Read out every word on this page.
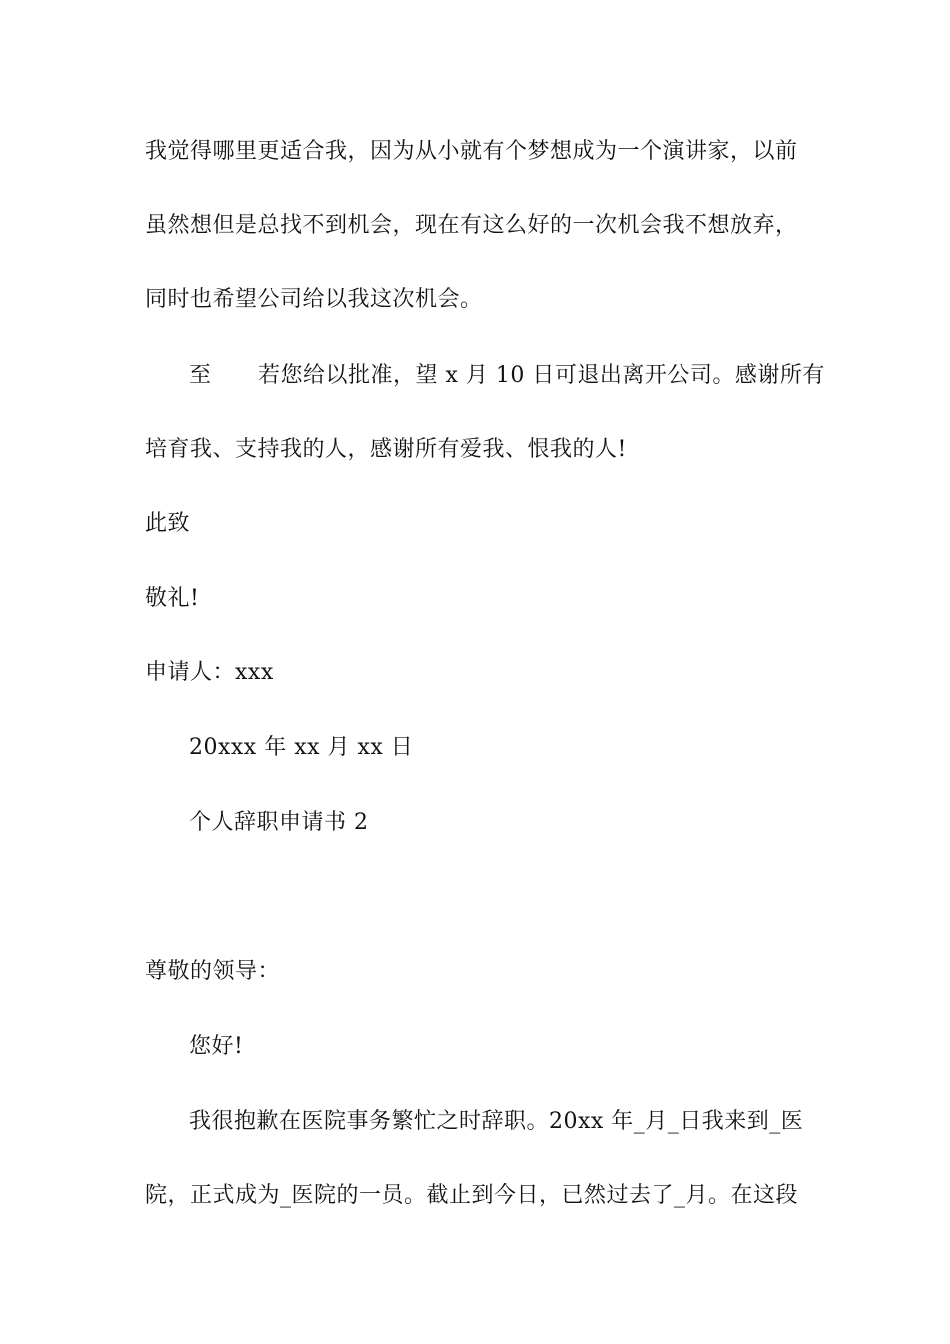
我觉得哪里更适合我，因为从小就有个梦想成为一个演讲家，以前
虽然想但是总找不到机会，现在有这么好的一次机会我不想放弃，
同时也希望公司给以我这次机会。
至 若您给以批准，望 x 月 10 日可退出离开公司。感谢所有
培育我、支持我的人，感谢所有爱我、恨我的人!
此致
敬礼!
申请人：xxx
20xxx 年 xx 月 xx 日
个人辞职申请书 2
尊敬的领导：
您好!
我很抱歉在医院事务繁忙之时辞职。20xx 年_月_日我来到_医
院，正式成为_医院的一员。截止到今日，已然过去了_月。在这段
